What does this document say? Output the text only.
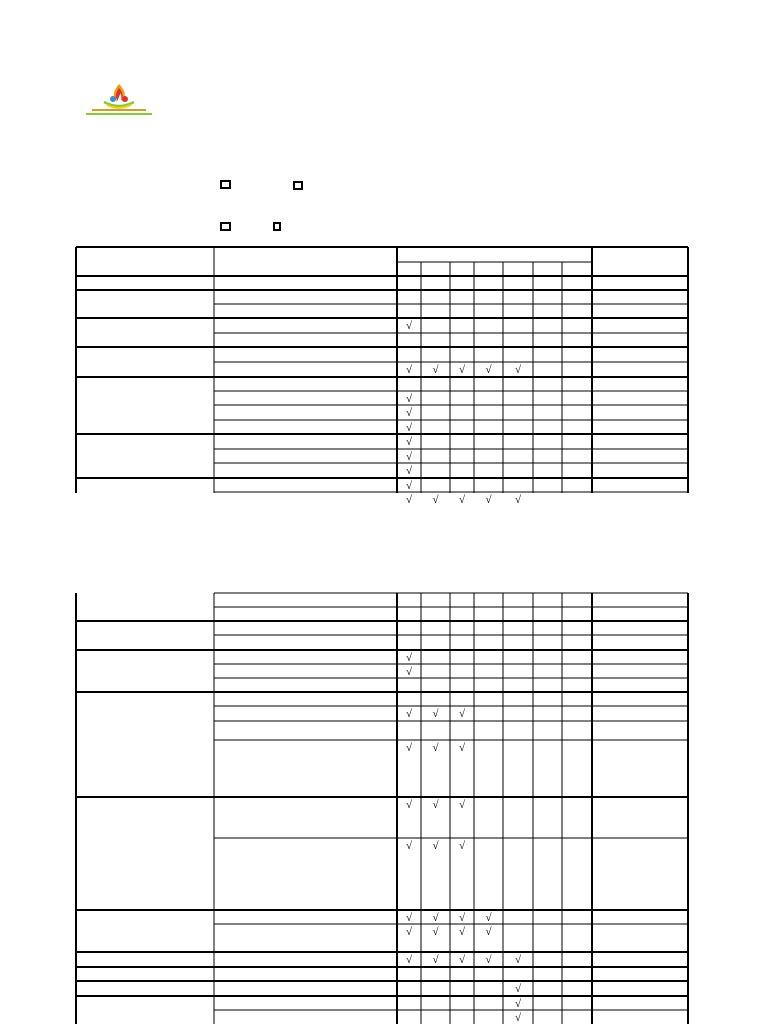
√
√ √ √ √ √
√
√
√
√
√
√
√
√ √ √ √ √
√
√
√ √ √
√ √ √
√ √ √
√ √ √
√ √ √ √
√ √ √ √
√ √ √ √ √
√
√
√
